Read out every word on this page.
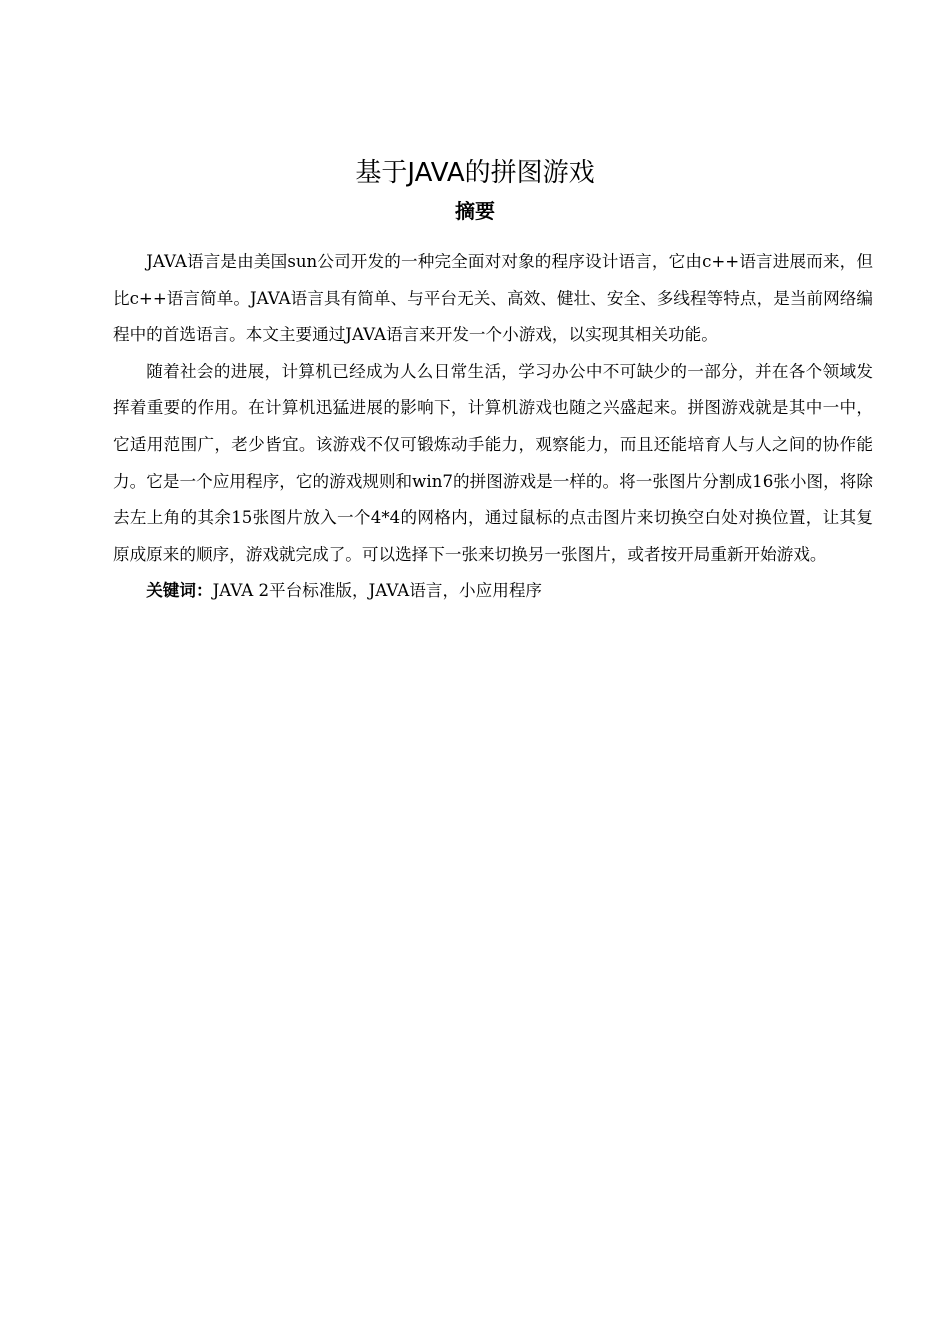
基于JAVA的拼图游戏
摘要

JAVA语言是由美国sun公司开发的一种完全面对对象的程序设计语言，它由c++语言进展而来，但比c++语言简单。JAVA语言具有简单、与平台无关、高效、健壮、安全、多线程等特点，是当前网络编程中的首选语言。本文主要通过JAVA语言来开发一个小游戏，以实现其相关功能。

随着社会的进展，计算机已经成为人么日常生活，学习办公中不可缺少的一部分，并在各个领域发挥着重要的作用。在计算机迅猛进展的影响下，计算机游戏也随之兴盛起来。拼图游戏就是其中一中，它适用范围广，老少皆宜。该游戏不仅可锻炼动手能力，观察能力，而且还能培育人与人之间的协作能力。它是一个应用程序，它的游戏规则和win7的拼图游戏是一样的。将一张图片分割成16张小图，将除去左上角的其余15张图片放入一个4*4的网格内，通过鼠标的点击图片来切换空白处对换位置，让其复原成原来的顺序，游戏就完成了。可以选择下一张来切换另一张图片，或者按开局重新开始游戏。

关键词：JAVA 2平台标准版，JAVA语言，小应用程序
